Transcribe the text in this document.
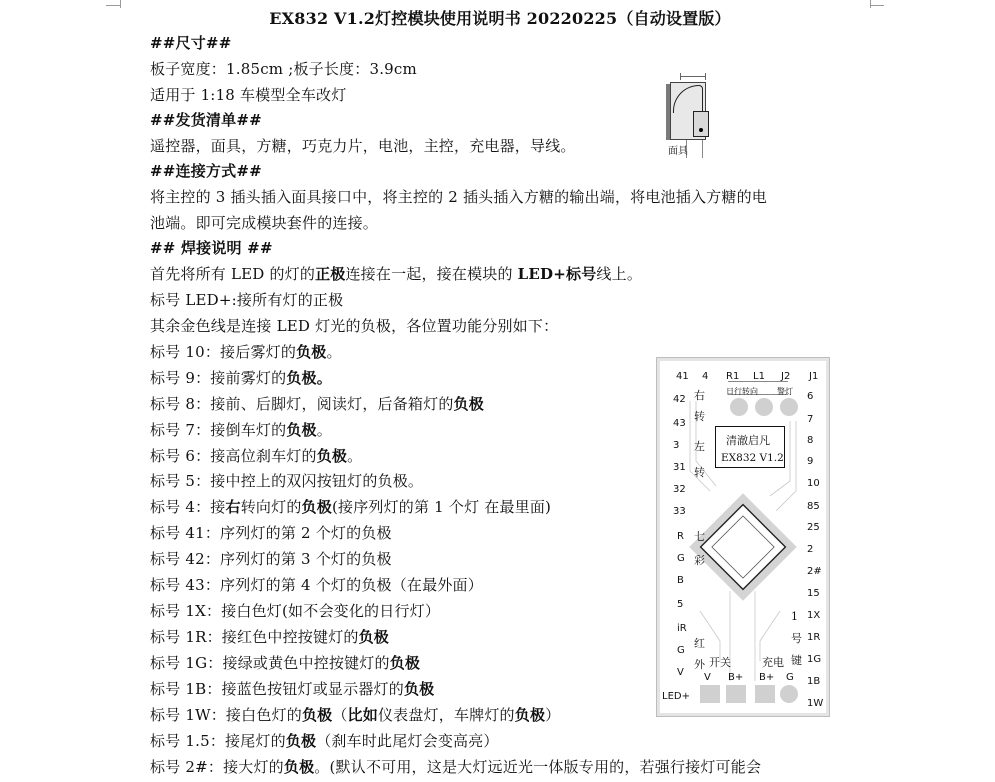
EX832 V1.2灯控模块使用说明书 20220225（自动设置版）
##尺寸##
板子宽度：1.85cm ;板子长度：3.9cm
适用于 1:18 车模型全车改灯
##发货清单##
遥控器，面具，方糖，巧克力片，电池，主控，充电器，导线。
##连接方式##
将主控的 3 插头插入面具接口中，将主控的 2 插头插入方糖的输出端，将电池插入方糖的电
池端。即可完成模块套件的连接。
## 焊接说明 ##
首先将所有 LED 的灯的正极连接在一起，接在模块的 LED+标号线上。
标号 LED+:接所有灯的正极
其余金色线是连接 LED 灯光的负极，各位置功能分别如下：
标号 10：接后雾灯的负极。
标号 9：接前雾灯的负极。
标号 8：接前、后脚灯，阅读灯，后备箱灯的负极
标号 7：接倒车灯的负极。
标号 6：接高位刹车灯的负极。
标号 5：接中控上的双闪按钮灯的负极。
标号 4：接右转向灯的负极(接序列灯的第 1 个灯 在最里面)
标号 41：序列灯的第 2 个灯的负极
标号 42：序列灯的第 3 个灯的负极
标号 43：序列灯的第 4 个灯的负极（在最外面）
标号 1X：接白色灯(如不会变化的日行灯）
标号 1R：接红色中控按键灯的负极
标号 1G：接绿或黄色中控按键灯的负极
标号 1B：接蓝色按钮灯或显示器灯的负极
标号 1W：接白色灯的负极（比如仪表盘灯，车牌灯的负极）
标号 1.5：接尾灯的负极（刹车时此尾灯会变高亮）
标号 2#：接大灯的负极。(默认不可用，这是大灯远近光一体版专用的，若强行接灯可能会
面具
清澈启凡
EX832 V1.2
41 4 R1 L1 J2 J1
日行转向 警灯
42
43
3
31
32
33
R
G
B
5
iR
G
V
右
转
左
转
七
彩
红
外
6
7
8
9
10
85
25
2
2#
15
1X
1R
1G
1B
1W
1
号
键
开关	充电
V B+ B+ G
LED+
